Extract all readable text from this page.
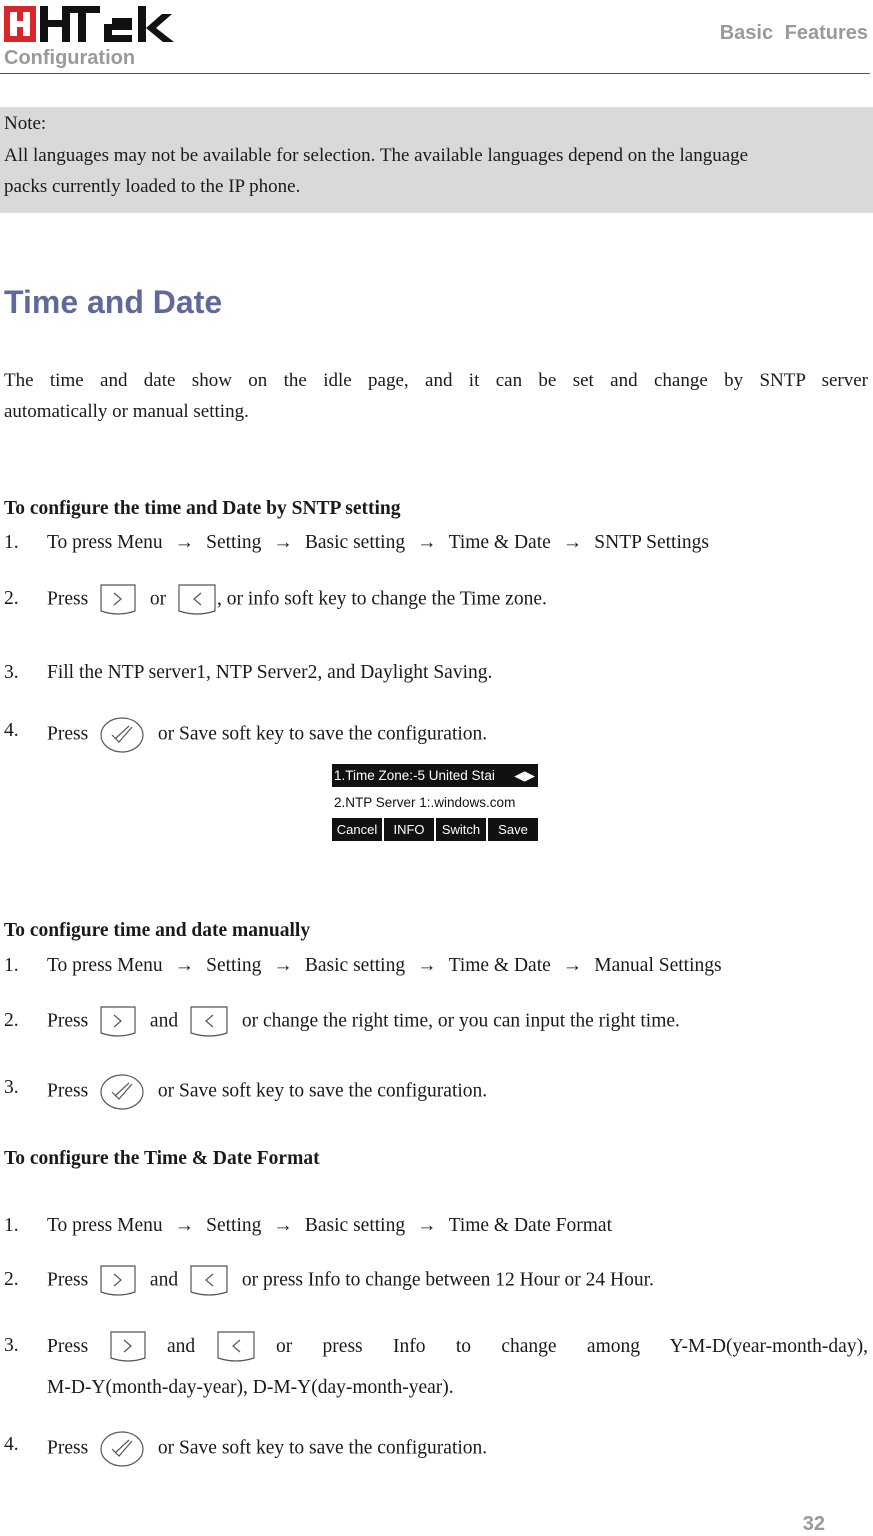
Configuration
Basic Features
Note:
All languages may not be available for selection. The available languages depend on the language
packs currently loaded to the IP phone.
Time and Date
The time and date show on the idle page, and it can be set and change by SNTP server
automatically or manual setting.
To configure the time and Date by SNTP setting
1. To press Menu → Setting → Basic setting → Time & Date → SNTP Settings
2. Press	or	, or info soft key to change the Time zone.
3. Fill the NTP server1, NTP Server2, and Daylight Saving.
4. Press	or Save soft key to save the configuration.
1.Time Zone:-5 United Stai ◀▶
2.NTP Server 1:.windows.com
Cancel	INFO	Switch	Save
To configure time and date manually
1. To press Menu → Setting → Basic setting → Time & Date → Manual Settings
2. Press	and	or change the right time, or you can input the right time.
3. Press	or Save soft key to save the configuration.
To configure the Time & Date Format
1. To press Menu → Setting → Basic setting → Time & Date Format
2. Press	and	or press Info to change between 12 Hour or 24 Hour.
3. Press	and	or press Info to change among Y-M-D(year-month-day),
M-D-Y(month-day-year), D-M-Y(day-month-year).
4. Press	or Save soft key to save the configuration.
32
